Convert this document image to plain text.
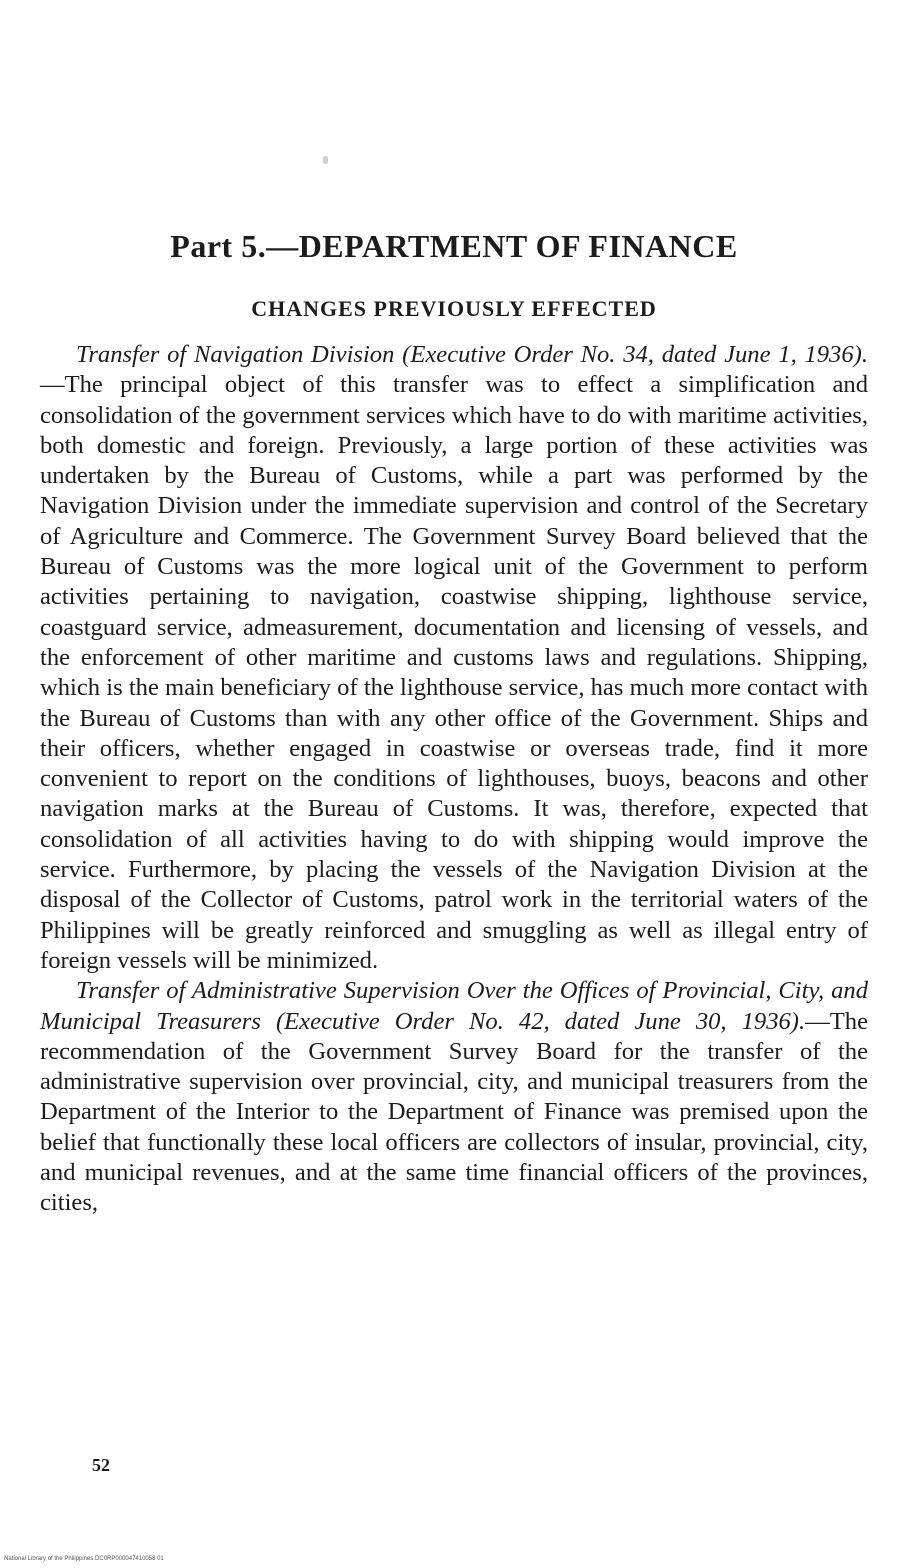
Part 5.—DEPARTMENT OF FINANCE
CHANGES PREVIOUSLY EFFECTED

Transfer of Navigation Division (Executive Order No. 34, dated June 1, 1936).—The principal object of this transfer was to effect a simplification and consolidation of the government services which have to do with maritime activities, both domestic and foreign. Previously, a large portion of these activities was undertaken by the Bureau of Customs, while a part was performed by the Navigation Division under the immediate supervision and control of the Secretary of Agriculture and Commerce. The Government Survey Board believed that the Bureau of Customs was the more logical unit of the Government to perform activities pertaining to navigation, coastwise shipping, lighthouse service, coastguard service, admeasurement, documentation and licensing of vessels, and the enforcement of other maritime and customs laws and regulations. Shipping, which is the main beneficiary of the lighthouse service, has much more contact with the Bureau of Customs than with any other office of the Government. Ships and their officers, whether engaged in coastwise or overseas trade, find it more convenient to report on the conditions of lighthouses, buoys, beacons and other navigation marks at the Bureau of Customs. It was, therefore, expected that consolidation of all activities having to do with shipping would improve the service. Furthermore, by placing the vessels of the Navigation Division at the disposal of the Collector of Customs, patrol work in the territorial waters of the Philippines will be greatly reinforced and smuggling as well as illegal entry of foreign vessels will be minimized.

Transfer of Administrative Supervision Over the Offices of Provincial, City, and Municipal Treasurers (Executive Order No. 42, dated June 30, 1936).—The recommendation of the Government Survey Board for the transfer of the administrative supervision over provincial, city, and municipal treasurers from the Department of the Interior to the Department of Finance was premised upon the belief that functionally these local officers are collectors of insular, provincial, city, and municipal revenues, and at the same time financial officers of the provinces, cities,

52
National Library of the Philippines DC0RP000047410058 01
